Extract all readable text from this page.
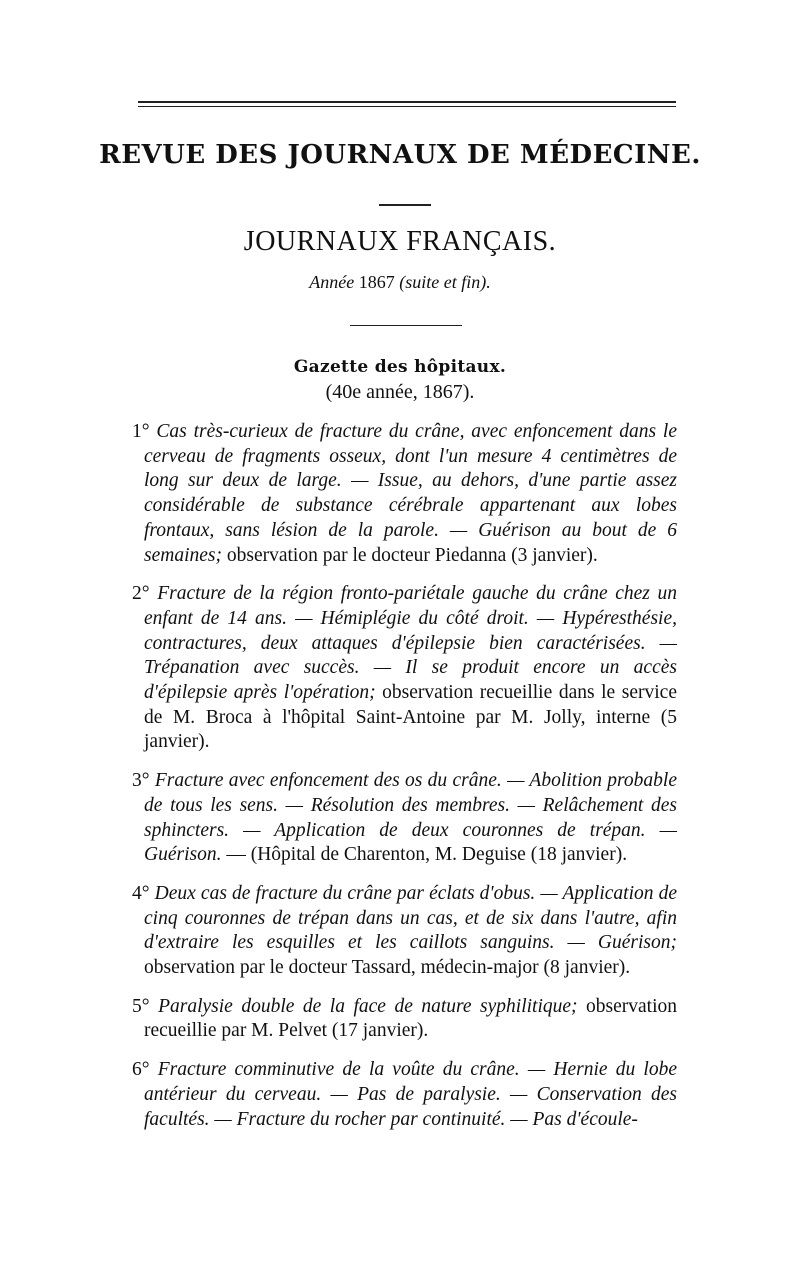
REVUE DES JOURNAUX DE MÉDECINE.
JOURNAUX FRANÇAIS.
Année 1867 (suite et fin).
Gazette des hôpitaux.
(40e année, 1867).
1° Cas très-curieux de fracture du crâne, avec enfoncement dans le cerveau de fragments osseux, dont l'un mesure 4 centimètres de long sur deux de large. — Issue, au dehors, d'une partie assez considérable de substance cérébrale appartenant aux lobes frontaux, sans lésion de la parole. — Guérison au bout de 6 semaines; observation par le docteur Piedanna (3 janvier).
2° Fracture de la région fronto-pariétale gauche du crâne chez un enfant de 14 ans. — Hémiplégie du côté droit. — Hypéresthésie, contractures, deux attaques d'épilepsie bien caractérisées. — Trépanation avec succès. — Il se produit encore un accès d'épilepsie après l'opération; observation recueillie dans le service de M. Broca à l'hôpital Saint-Antoine par M. Jolly, interne (5 janvier).
3° Fracture avec enfoncement des os du crâne. — Abolition probable de tous les sens. — Résolution des membres. — Relâchement des sphincters. — Application de deux couronnes de trépan. — Guérison. — (Hôpital de Charenton, M. Deguise (18 janvier).
4° Deux cas de fracture du crâne par éclats d'obus. — Application de cinq couronnes de trépan dans un cas, et de six dans l'autre, afin d'extraire les esquilles et les caillots sanguins. — Guérison; observation par le docteur Tassard, médecin-major (8 janvier).
5° Paralysie double de la face de nature syphilitique; observation recueillie par M. Pelvet (17 janvier).
6° Fracture comminutive de la voûte du crâne. — Hernie du lobe antérieur du cerveau. — Pas de paralysie. — Conservation des facultés. — Fracture du rocher par continuité. — Pas d'écoule-
